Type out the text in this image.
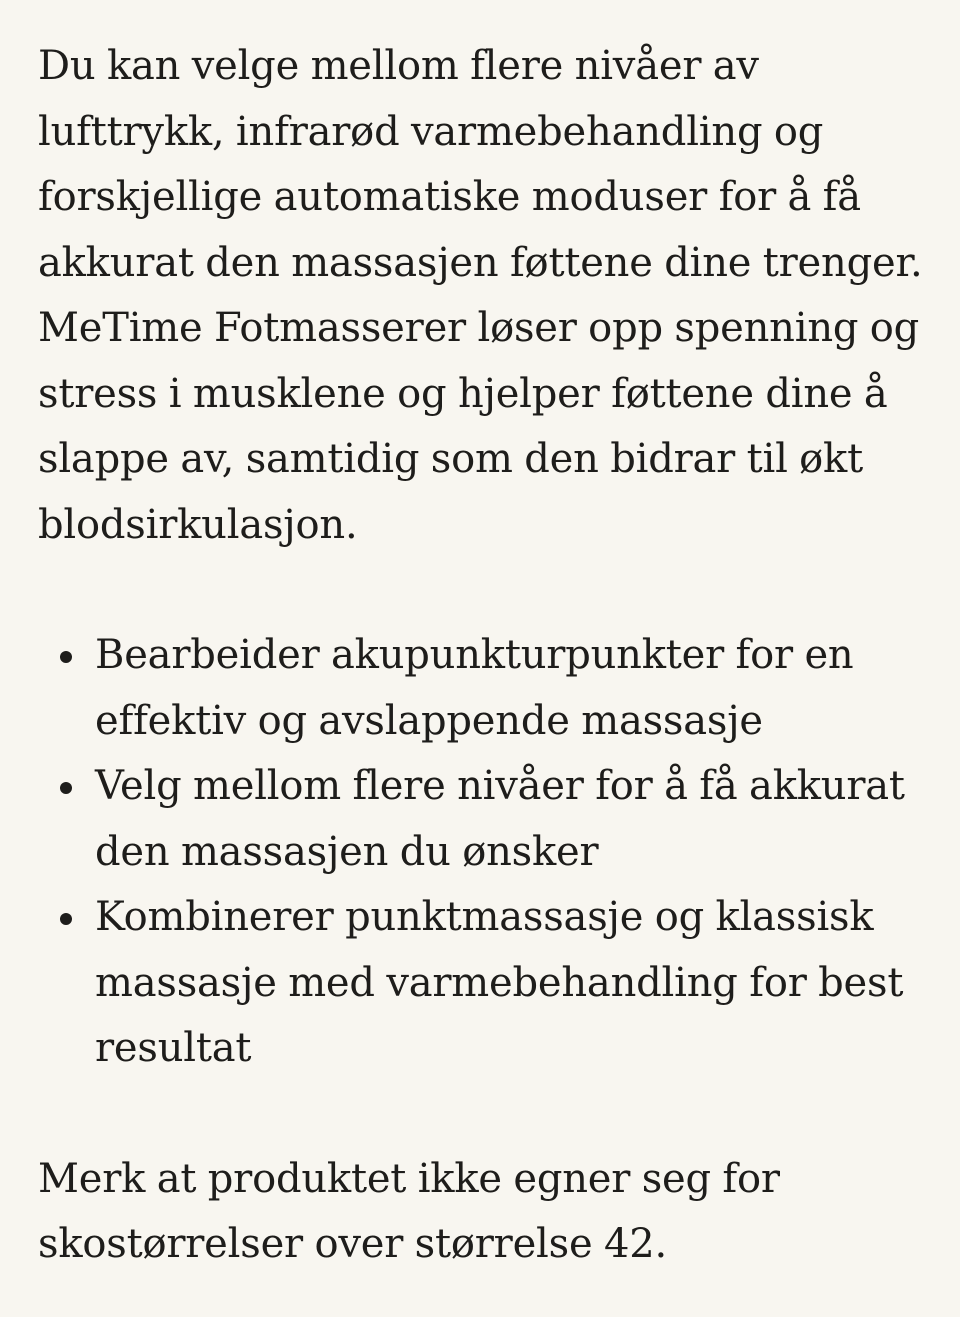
Du kan velge mellom flere nivåer av lufttrykk, infrarød varmebehandling og forskjellige automatiske moduser for å få akkurat den massasjen føttene dine trenger. MeTime Fotmasserer løser opp spenning og stress i musklene og hjelper føttene dine å slappe av, samtidig som den bidrar til økt blodsirkulasjon.

Bearbeider akupunkturpunkter for en effektiv og avslappende massasje
Velg mellom flere nivåer for å få akkurat den massasjen du ønsker
Kombinerer punktmassasje og klassisk massasje med varmebehandling for best resultat

Merk at produktet ikke egner seg for skostørrelser over størrelse 42.
